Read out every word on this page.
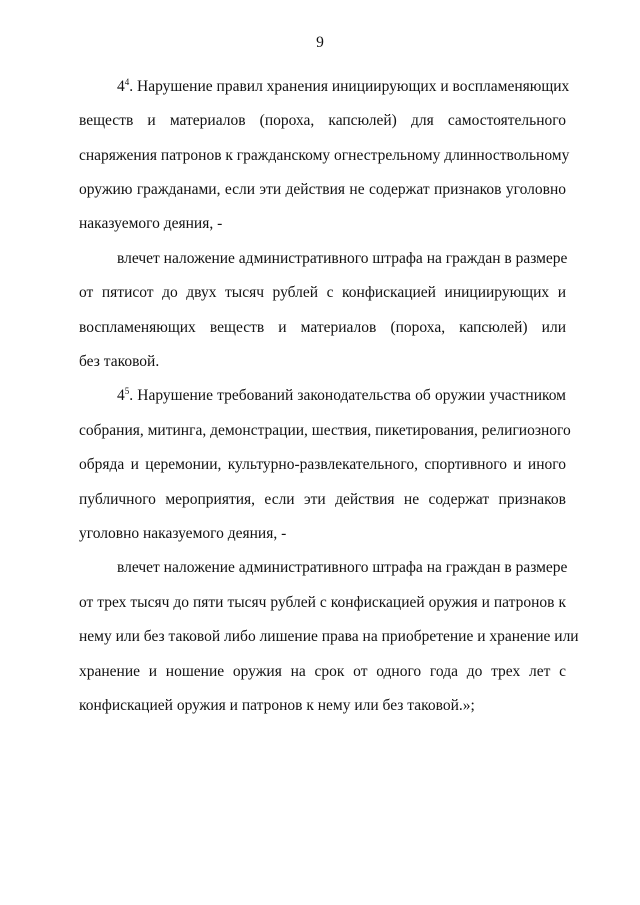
9
$4^4$. Нарушение правил хранения инициирующих и воспламеняющих
веществ и материалов (пороха, капсюлей) для самостоятельного
снаряжения патронов к гражданскому огнестрельному длинноствольному
оружию гражданами, если эти действия не содержат признаков уголовно
наказуемого деяния, -
влечет наложение административного штрафа на граждан в размере
от пятисот до двух тысяч рублей с конфискацией инициирующих и
воспламеняющих веществ и материалов (пороха, капсюлей) или
без таковой.
$4^5$. Нарушение требований законодательства об оружии участником
собрания, митинга, демонстрации, шествия, пикетирования, религиозного
обряда и церемонии, культурно-развлекательного, спортивного и иного
публичного мероприятия, если эти действия не содержат признаков
уголовно наказуемого деяния, -
влечет наложение административного штрафа на граждан в размере
от трех тысяч до пяти тысяч рублей с конфискацией оружия и патронов к
нему или без таковой либо лишение права на приобретение и хранение или
хранение и ношение оружия на срок от одного года до трех лет с
конфискацией оружия и патронов к нему или без таковой.»;
